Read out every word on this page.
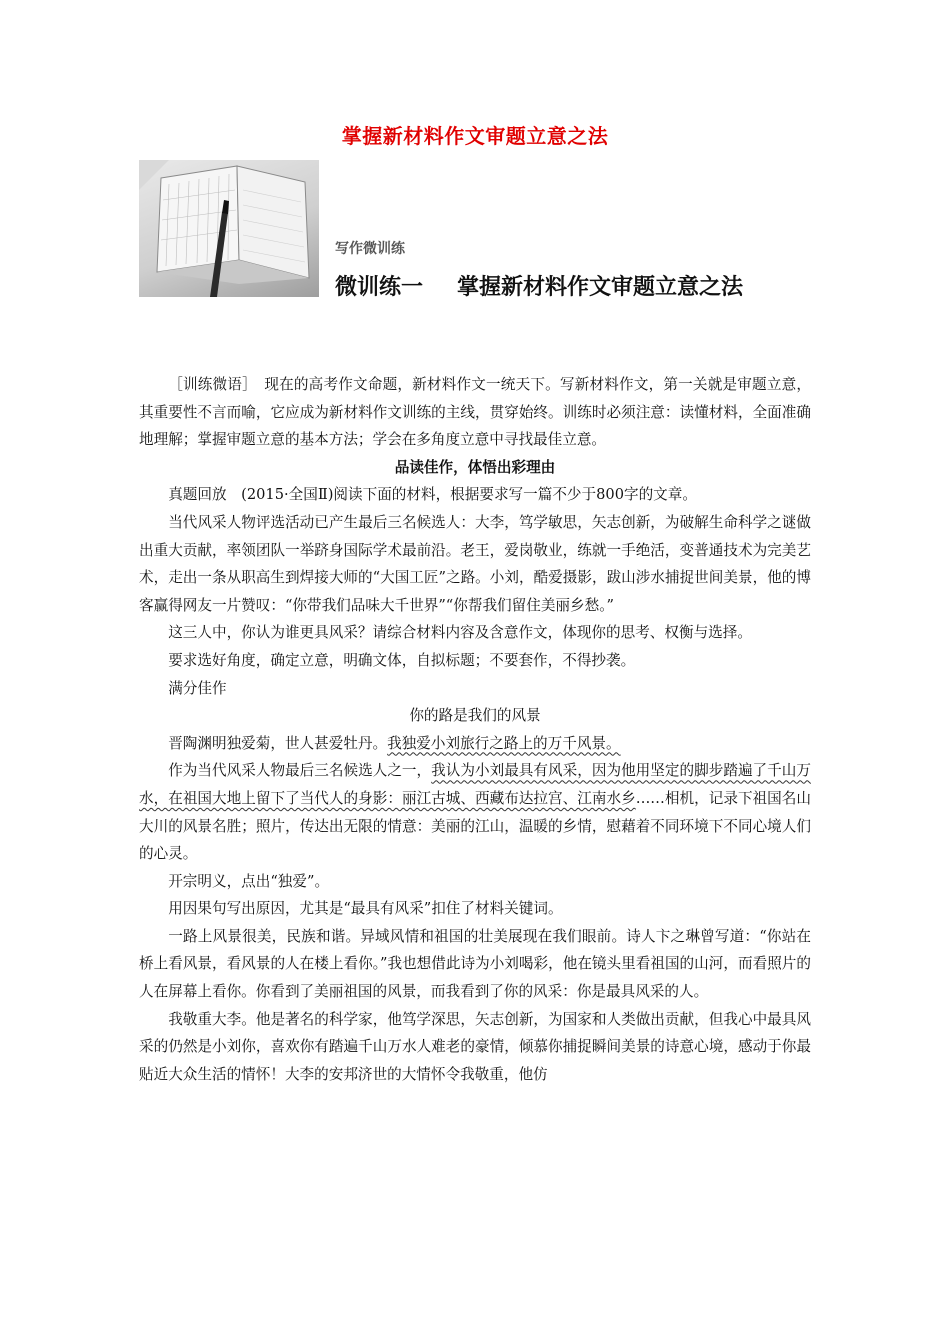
掌握新材料作文审题立意之法
写作微训练
微训练一 掌握新材料作文审题立意之法

［训练微语］　现在的高考作文命题，新材料作文一统天下。写新材料作文，第一关就是审题立意，其重要性不言而喻，它应成为新材料作文训练的主线，贯穿始终。训练时必须注意：读懂材料，全面准确地理解；掌握审题立意的基本方法；学会在多角度立意中寻找最佳立意。

品读佳作，体悟出彩理由

真题回放　(2015·全国Ⅱ)阅读下面的材料，根据要求写一篇不少于800字的文章。

当代风采人物评选活动已产生最后三名候选人：大李，笃学敏思，矢志创新，为破解生命科学之谜做出重大贡献，率领团队一举跻身国际学术最前沿。老王，爱岗敬业，练就一手绝活，变普通技术为完美艺术，走出一条从职高生到焊接大师的“大国工匠”之路。小刘，酷爱摄影，跋山涉水捕捉世间美景，他的博客赢得网友一片赞叹：“你带我们品味大千世界”“你帮我们留住美丽乡愁。”

这三人中，你认为谁更具风采？请综合材料内容及含意作文，体现你的思考、权衡与选择。

要求选好角度，确定立意，明确文体，自拟标题；不要套作，不得抄袭。

满分佳作

你的路是我们的风景

晋陶渊明独爱菊，世人甚爱牡丹。我独爱小刘旅行之路上的万千风景。

作为当代风采人物最后三名候选人之一，我认为小刘最具有风采，因为他用坚定的脚步踏遍了千山万水，在祖国大地上留下了当代人的身影：丽江古城、西藏布达拉宫、江南水乡……相机，记录下祖国名山大川的风景名胜；照片，传达出无限的情意：美丽的江山，温暖的乡情，慰藉着不同环境下不同心境人们的心灵。

开宗明义，点出“独爱”。

用因果句写出原因，尤其是“最具有风采”扣住了材料关键词。

一路上风景很美，民族和谐。异域风情和祖国的壮美展现在我们眼前。诗人卞之琳曾写道：“你站在桥上看风景，看风景的人在楼上看你。”我也想借此诗为小刘喝彩，他在镜头里看祖国的山河，而看照片的人在屏幕上看你。你看到了美丽祖国的风景，而我看到了你的风采：你是最具风采的人。

我敬重大李。他是著名的科学家，他笃学深思，矢志创新，为国家和人类做出贡献，但我心中最具风采的仍然是小刘你，喜欢你有踏遍千山万水人难老的豪情，倾慕你捕捉瞬间美景的诗意心境，感动于你最贴近大众生活的情怀！大李的安邦济世的大情怀令我敬重，他仿
